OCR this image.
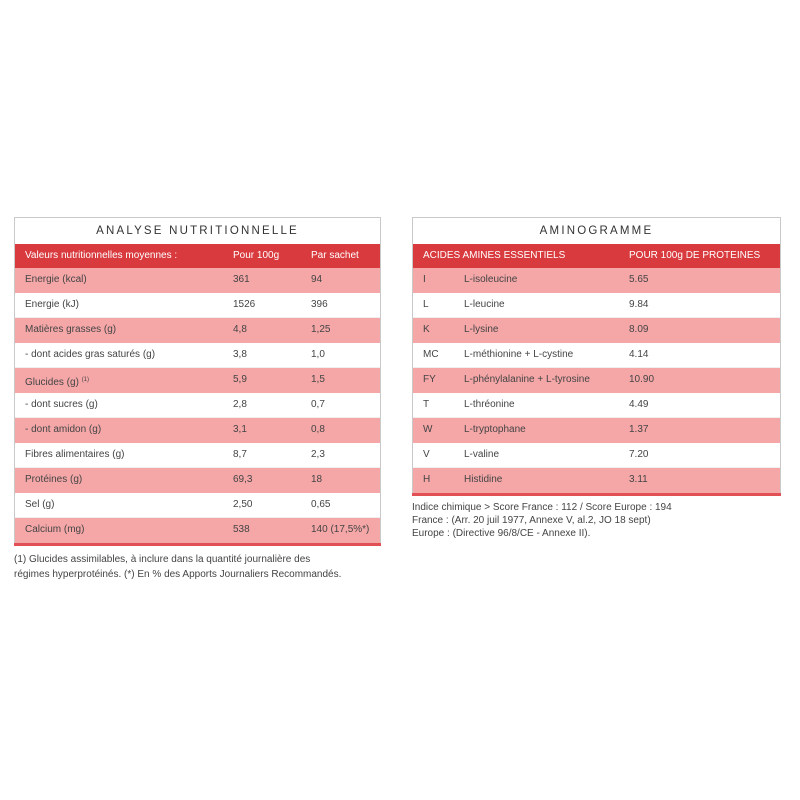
ANALYSE NUTRITIONNELLE
Valeurs nutritionnelles moyennes :	Pour 100g	Par sachet
Energie (kcal)	361	94
Energie (kJ)	1526	396
Matières grasses (g)	4,8	1,25
- dont acides gras saturés (g)	3,8	1,0
Glucides (g) $^{(1)}$	5,9	1,5
- dont sucres (g)	2,8	0,7
- dont amidon (g)	3,1	0,8
Fibres alimentaires (g)	8,7	2,3
Protéines (g)	69,3	18
Sel (g)	2,50	0,65
Calcium (mg)	538	140 (17,5%*)
(1) Glucides assimilables, à inclure dans la quantité journalière des
régimes hyperprotéinés. (*) En % des Apports Journaliers Recommandés.
AMINOGRAMME
ACIDES AMINES ESSENTIELS	POUR 100g DE PROTEINES
I	L-isoleucine	5.65
L	L-leucine	9.84
K	L-lysine	8.09
MC	L-méthionine + L-cystine	4.14
FY	L-phénylalanine + L-tyrosine	10.90
T	L-thréonine	4.49
W	L-tryptophane	1.37
V	L-valine	7.20
H	Histidine	3.11
Indice chimique > Score France : 112 / Score Europe : 194
France : (Arr. 20 juil 1977, Annexe V, al.2, JO 18 sept)
Europe : (Directive 96/8/CE - Annexe II).
